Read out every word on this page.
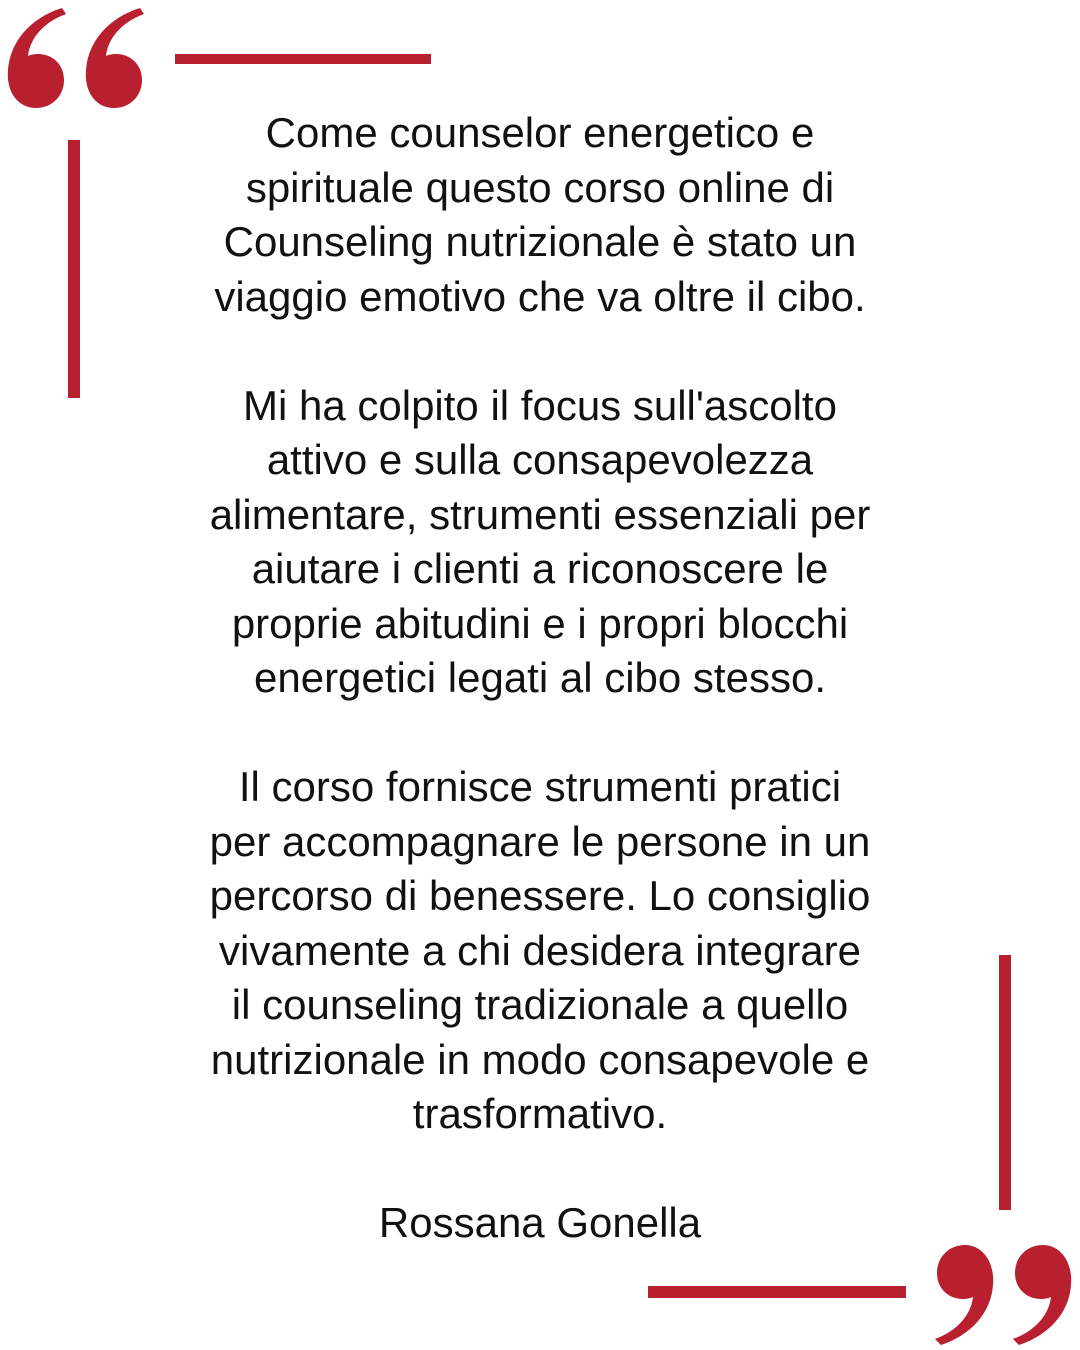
Come counselor energetico e
spirituale questo corso online di
Counseling nutrizionale è stato un
viaggio emotivo che va oltre il cibo.

Mi ha colpito il focus sull'ascolto
attivo e sulla consapevolezza
alimentare, strumenti essenziali per
aiutare i clienti a riconoscere le
proprie abitudini e i propri blocchi
energetici legati al cibo stesso.

Il corso fornisce strumenti pratici
per accompagnare le persone in un
percorso di benessere. Lo consiglio
vivamente a chi desidera integrare
il counseling tradizionale a quello
nutrizionale in modo consapevole e
trasformativo.

Rossana Gonella
